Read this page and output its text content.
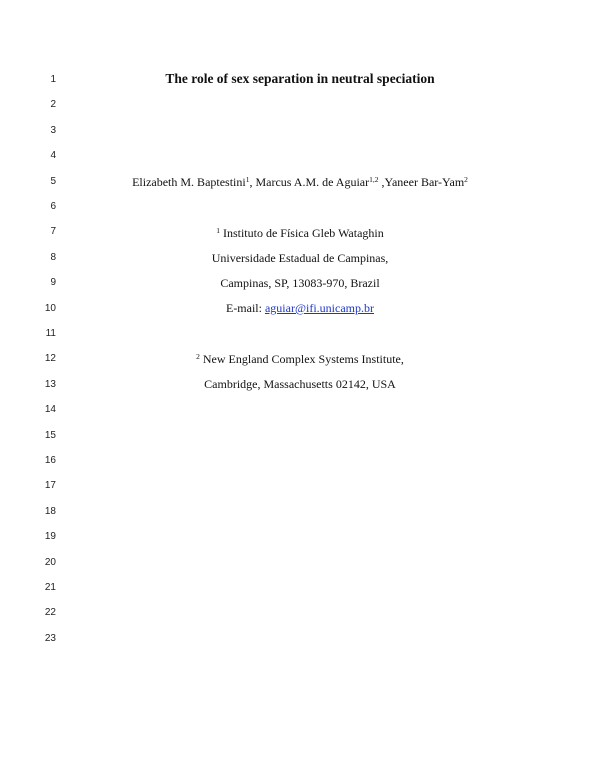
1
2
3
4
5
6
7
8
9
10
11
12
13
14
15
16
17
18
19
20
21
22
23
The role of sex separation in neutral speciation
Elizabeth M. Baptestini$^1$, Marcus A.M. de Aguiar$^{1,2}$ ,Yaneer Bar-Yam$^2$
$^1$ Instituto de Física Gleb Wataghin
Universidade Estadual de Campinas,
Campinas, SP, 13083-970, Brazil
E-mail: aguiar@ifi.unicamp.br
$^2$ New England Complex Systems Institute,
Cambridge, Massachusetts 02142, USA
